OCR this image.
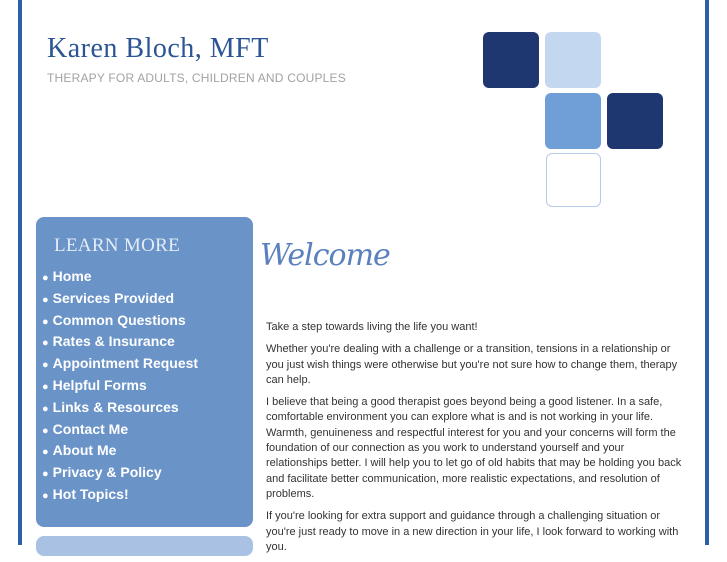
Karen Bloch, MFT
THERAPY FOR ADULTS, CHILDREN AND COUPLES
LEARN MORE
● Home
● Services Provided
● Common Questions
● Rates & Insurance
● Appointment Request
● Helpful Forms
● Links & Resources
● Contact Me
● About Me
● Privacy & Policy
● Hot Topics!
Welcome

Take a step towards living the life you want!

Whether you're dealing with a challenge or a transition, tensions in a relationship or you just wish things were otherwise but you're not sure how to change them, therapy can help.

I believe that being a good therapist goes beyond being a good listener. In a safe, comfortable environment you can explore what is and is not working in your life. Warmth, genuineness and respectful interest for you and your concerns will form the foundation of our connection as you work to understand yourself and your relationships better. I will help you to let go of old habits that may be holding you back and facilitate better communication, more realistic expectations, and resolution of problems.

If you're looking for extra support and guidance through a challenging situation or you're just ready to move in a new direction in your life, I look forward to working with you.
